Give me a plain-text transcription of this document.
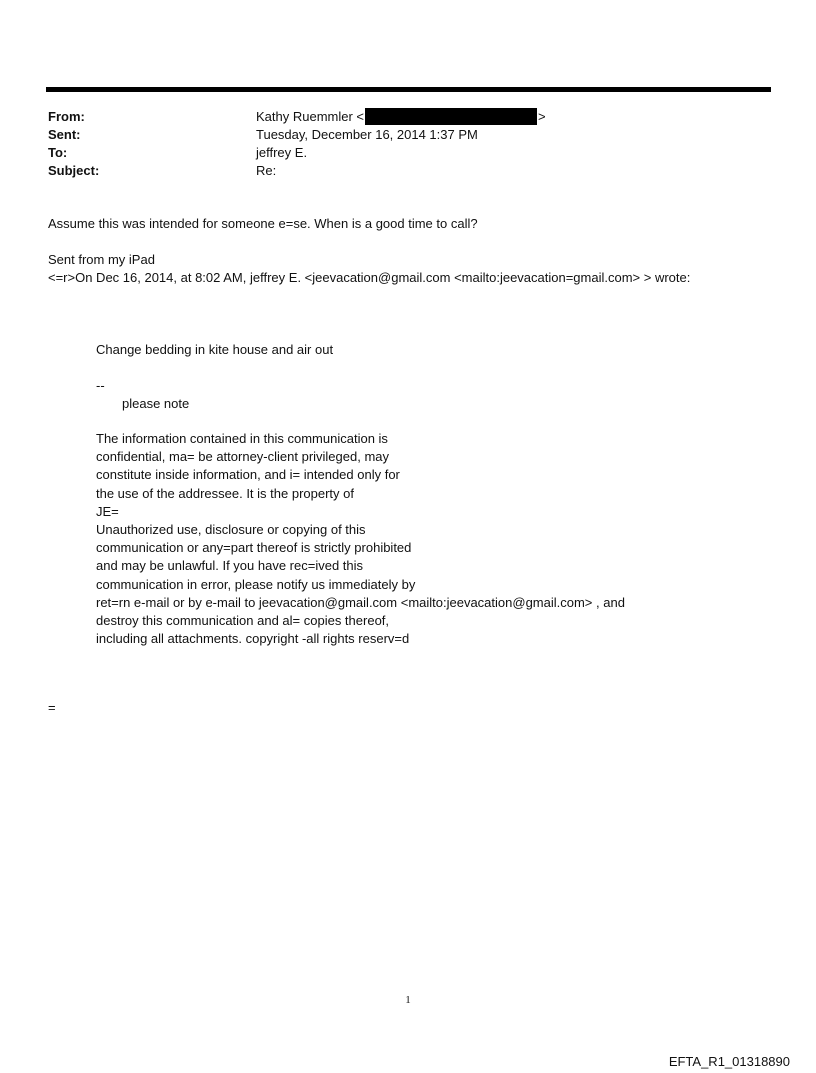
From:	Kathy Ruemmler <	>
Sent:	Tuesday, December 16, 2014 1:37 PM
To:	jeffrey E.
Subject:	Re:
Assume this was intended for someone e=se. When is a good time to call?
Sent from my iPad
<=r>On Dec 16, 2014, at 8:02 AM, jeffrey E. <jeevacation@gmail.com <mailto:jeevacation=gmail.com> > wrote:
Change bedding in kite house and air out
--
please note
The information contained in this communication is
confidential, ma= be attorney-client privileged, may
constitute inside information, and i= intended only for
the use of the addressee. It is the property of
JE=
Unauthorized use, disclosure or copying of this
communication or any=part thereof is strictly prohibited
and may be unlawful. If you have rec=ived this
communication in error, please notify us immediately by
ret=rn e-mail or by e-mail to jeevacation@gmail.com <mailto:jeevacation@gmail.com> , and
destroy this communication and al= copies thereof,
including all attachments. copyright -all rights reserv=d
=
1
EFTA_R1_01318890
